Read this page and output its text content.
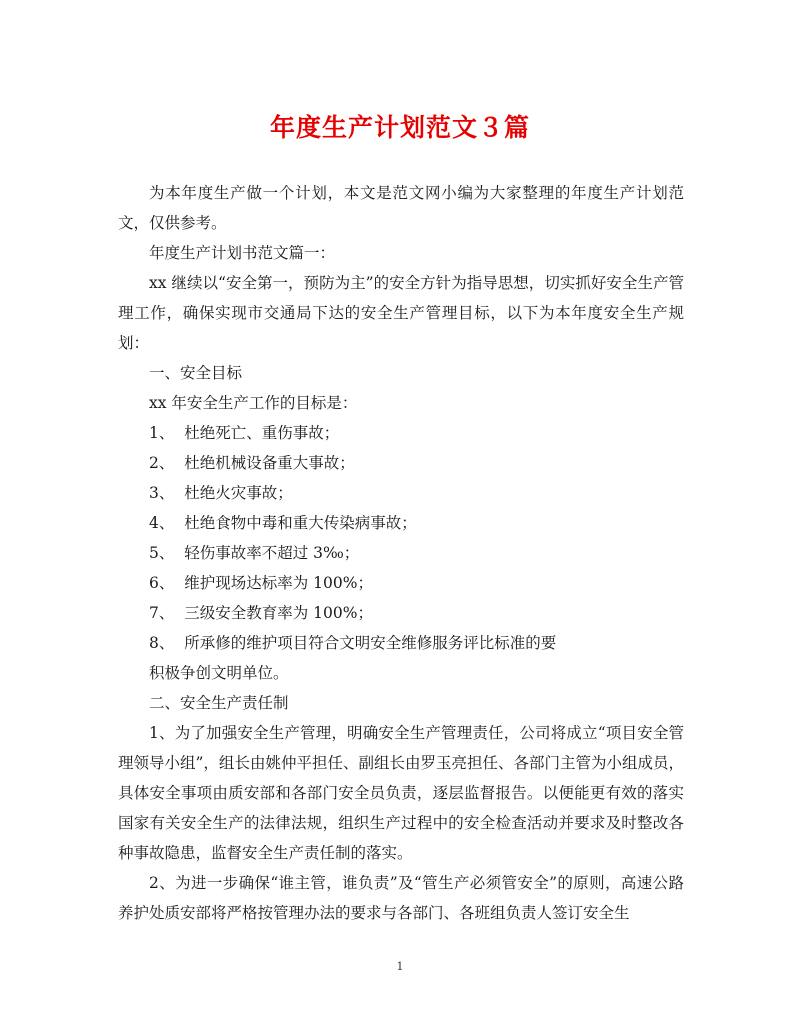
年度生产计划范文３篇

为本年度生产做一个计划，本文是范文网小编为大家整理的年度生产计划范文，仅供参考。

年度生产计划书范文篇一：

xx 继续以“安全第一，预防为主”的安全方针为指导思想，切实抓好安全生产管理工作，确保实现市交通局下达的安全生产管理目标，以下为本年度安全生产规划：

一、安全目标

xx 年安全生产工作的目标是：

1、  杜绝死亡、重伤事故；

2、  杜绝机械设备重大事故；

3、  杜绝火灾事故；

4、  杜绝食物中毒和重大传染病事故；

5、  轻伤事故率不超过 3‰；

6、  维护现场达标率为 100%；

7、  三级安全教育率为 100%；

8、  所承修的维护项目符合文明安全维修服务评比标准的要

积极争创文明单位。

二、安全生产责任制

1、为了加强安全生产管理，明确安全生产管理责任，公司将成立“项目安全管理领导小组”，组长由姚仲平担任、副组长由罗玉亮担任、各部门主管为小组成员，具体安全事项由质安部和各部门安全员负责，逐层监督报告。以便能更有效的落实国家有关安全生产的法律法规，组织生产过程中的安全检查活动并要求及时整改各种事故隐患，监督安全生产责任制的落实。

2、为进一步确保“谁主管，谁负责”及“管生产必须管安全”的原则，高速公路养护处质安部将严格按管理办法的要求与各部门、各班组负责人签订安全生

1
